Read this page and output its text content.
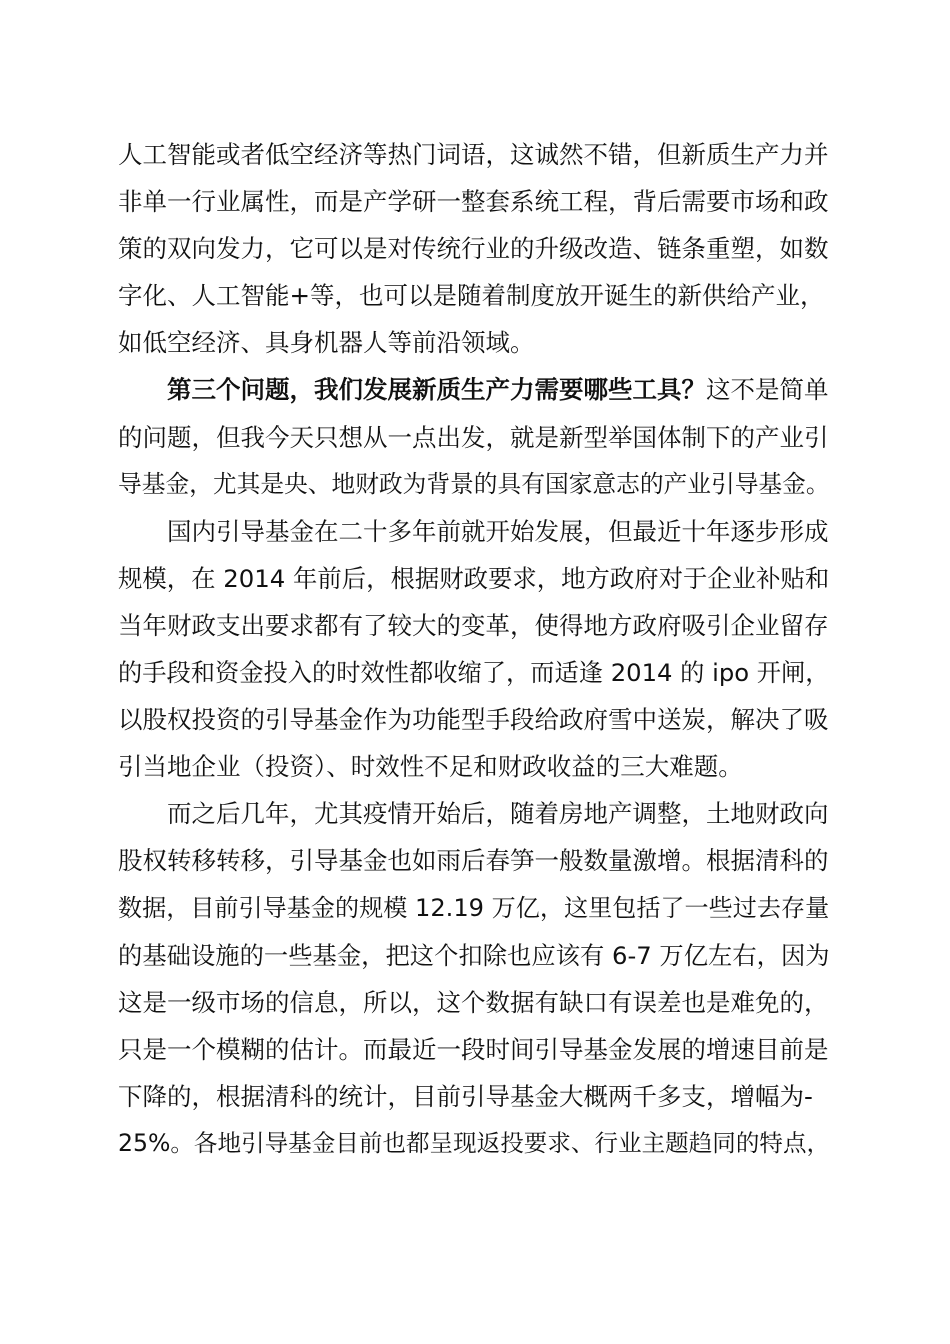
人工智能或者低空经济等热门词语，这诚然不错，但新质生产力并
非单一行业属性，而是产学研一整套系统工程，背后需要市场和政
策的双向发力，它可以是对传统行业的升级改造、链条重塑，如数
字化、人工智能+等，也可以是随着制度放开诞生的新供给产业，
如低空经济、具身机器人等前沿领域。
第三个问题，我们发展新质生产力需要哪些工具？这不是简单
的问题，但我今天只想从一点出发，就是新型举国体制下的产业引
导基金，尤其是央、地财政为背景的具有国家意志的产业引导基金。
国内引导基金在二十多年前就开始发展，但最近十年逐步形成
规模，在 2014 年前后，根据财政要求，地方政府对于企业补贴和
当年财政支出要求都有了较大的变革，使得地方政府吸引企业留存
的手段和资金投入的时效性都收缩了，而适逢 2014 的 ipo 开闸，
以股权投资的引导基金作为功能型手段给政府雪中送炭，解决了吸
引当地企业（投资）、时效性不足和财政收益的三大难题。
而之后几年，尤其疫情开始后，随着房地产调整，土地财政向
股权转移转移，引导基金也如雨后春笋一般数量激增。根据清科的
数据，目前引导基金的规模 12.19 万亿，这里包括了一些过去存量
的基础设施的一些基金，把这个扣除也应该有 6-7 万亿左右，因为
这是一级市场的信息，所以，这个数据有缺口有误差也是难免的，
只是一个模糊的估计。而最近一段时间引导基金发展的增速目前是
下降的，根据清科的统计，目前引导基金大概两千多支，增幅为-
25%。各地引导基金目前也都呈现返投要求、行业主题趋同的特点，
